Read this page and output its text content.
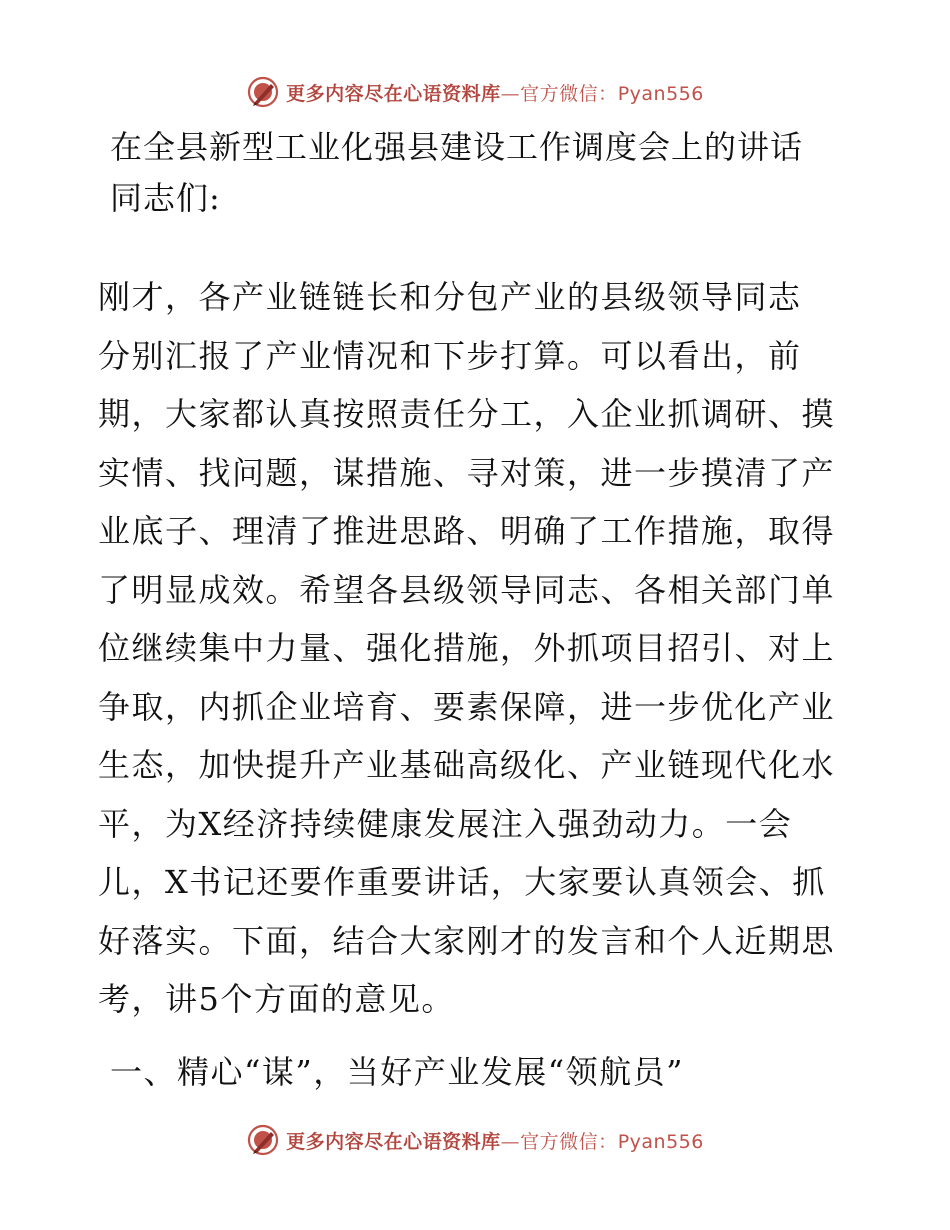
更多内容尽在心语资料库—官方微信：Pyan556
在全县新型工业化强县建设工作调度会上的讲话
同志们:
刚才，各产业链链长和分包产业的县级领导同志
分别汇报了产业情况和下步打算。可以看出，前
期，大家都认真按照责任分工，入企业抓调研、摸
实情、找问题，谋措施、寻对策，进一步摸清了产
业底子、理清了推进思路、明确了工作措施，取得
了明显成效。希望各县级领导同志、各相关部门单
位继续集中力量、强化措施，外抓项目招引、对上
争取，内抓企业培育、要素保障，进一步优化产业
生态，加快提升产业基础高级化、产业链现代化水
平，为X经济持续健康发展注入强劲动力。一会
儿，X书记还要作重要讲话，大家要认真领会、抓
好落实。下面，结合大家刚才的发言和个人近期思
考，讲5个方面的意见。
一、精心“谋”，当好产业发展“领航员”
更多内容尽在心语资料库—官方微信：Pyan556
